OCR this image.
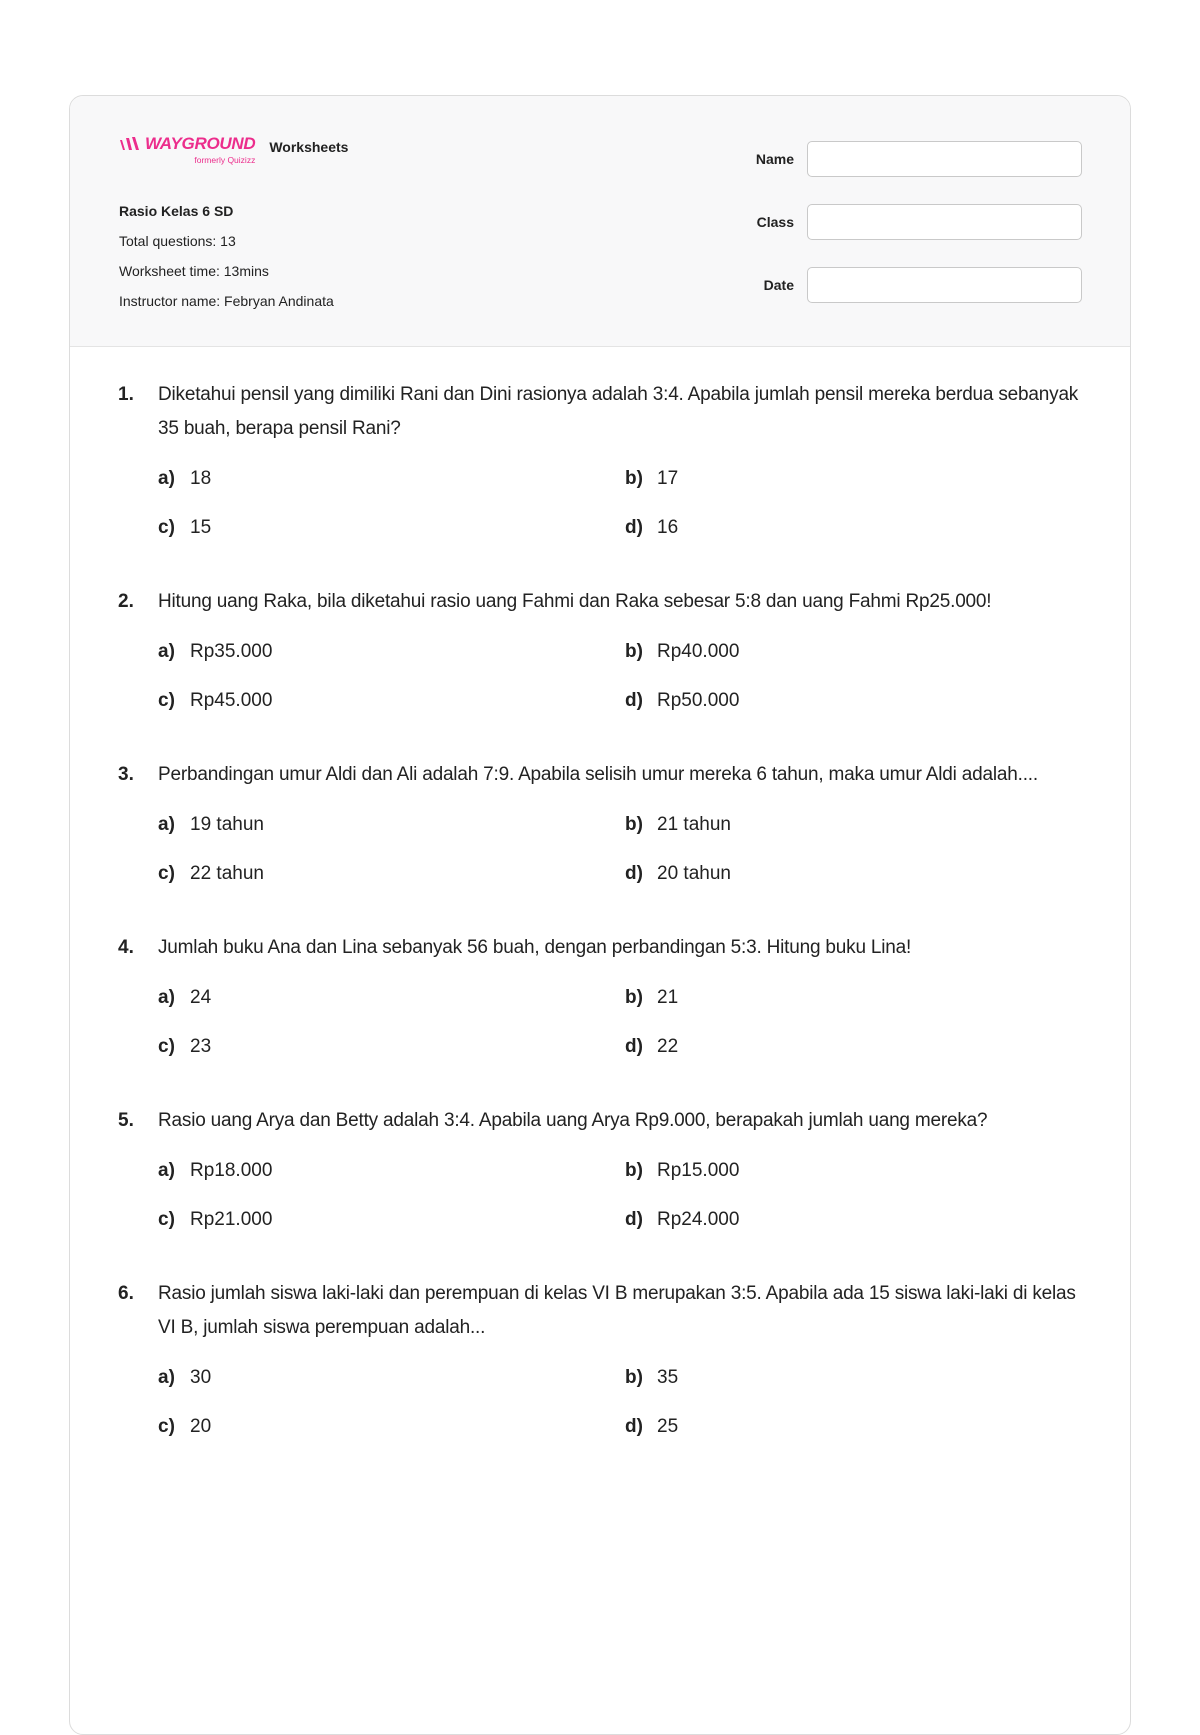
WAYGROUND
formerly Quizizz
Worksheets
Rasio Kelas 6 SD
Total questions: 13
Worksheet time: 13mins
Instructor name: Febryan Andinata
Name
Class
Date
1.	Diketahui pensil yang dimiliki Rani dan Dini rasionya adalah 3:4. Apabila jumlah pensil mereka berdua sebanyak 35 buah, berapa pensil Rani?
a) 18	b) 17
c) 15	d) 16
2.	Hitung uang Raka, bila diketahui rasio uang Fahmi dan Raka sebesar 5:8 dan uang Fahmi Rp25.000!
a) Rp35.000	b) Rp40.000
c) Rp45.000	d) Rp50.000
3.	Perbandingan umur Aldi dan Ali adalah 7:9. Apabila selisih umur mereka 6 tahun, maka umur Aldi adalah....
a) 19 tahun	b) 21 tahun
c) 22 tahun	d) 20 tahun
4.	Jumlah buku Ana dan Lina sebanyak 56 buah, dengan perbandingan 5:3. Hitung buku Lina!
a) 24	b) 21
c) 23	d) 22
5.	Rasio uang Arya dan Betty adalah 3:4. Apabila uang Arya Rp9.000, berapakah jumlah uang mereka?
a) Rp18.000	b) Rp15.000
c) Rp21.000	d) Rp24.000
6.	Rasio jumlah siswa laki-laki dan perempuan di kelas VI B merupakan 3:5. Apabila ada 15 siswa laki-laki di kelas VI B, jumlah siswa perempuan adalah...
a) 30	b) 35
c) 20	d) 25
